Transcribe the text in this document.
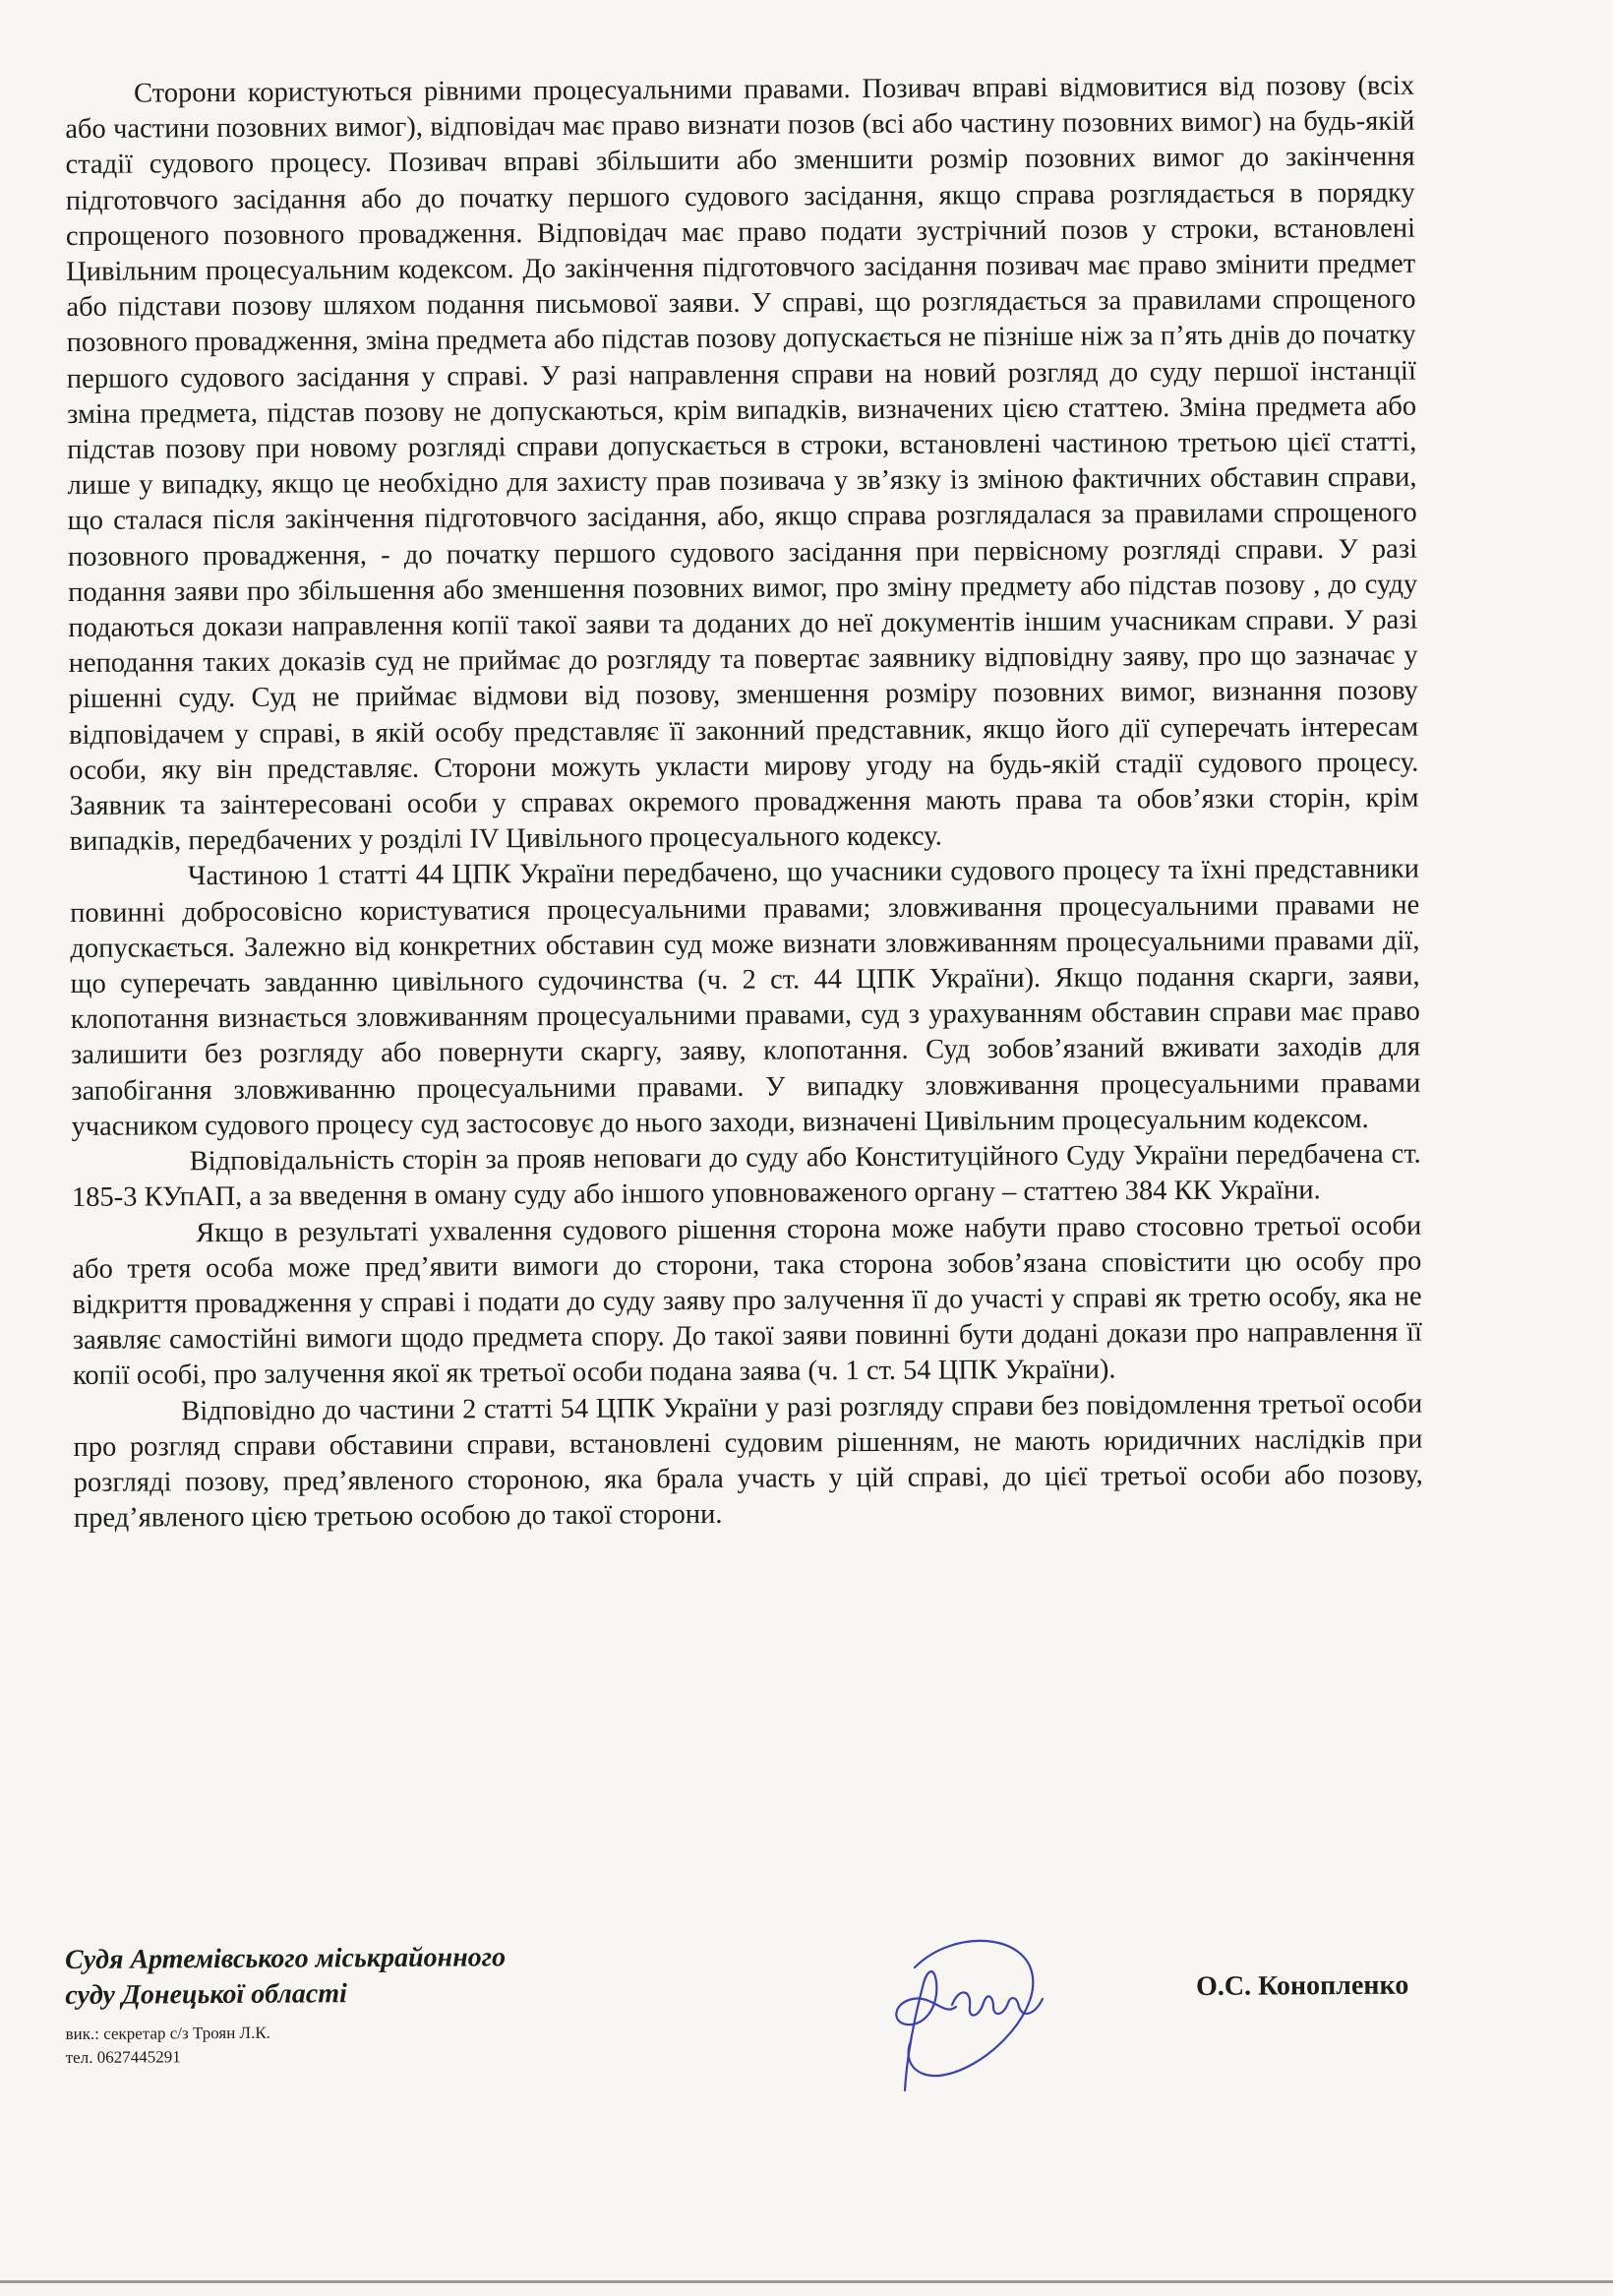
Сторони користуються рівними процесуальними правами. Позивач вправі відмовитися від позову (всіх або частини позовних вимог), відповідач має право визнати позов (всі або частину позовних вимог) на будь-якій стадії судового процесу. Позивач вправі збільшити або зменшити розмір позовних вимог до закінчення підготовчого засідання або до початку першого судового засідання, якщо справа розглядається в порядку спрощеного позовного провадження. Відповідач має право подати зустрічний позов у строки, встановлені Цивільним процесуальним кодексом. До закінчення підготовчого засідання позивач має право змінити предмет або підстави позову шляхом подання письмової заяви. У справі, що розглядається за правилами спрощеного позовного провадження, зміна предмета або підстав позову допускається не пізніше ніж за п’ять днів до початку першого судового засідання у справі. У разі направлення справи на новий розгляд до суду першої інстанції зміна предмета, підстав позову не допускаються, крім випадків, визначених цією статтею. Зміна предмета або підстав позову при новому розгляді справи допускається в строки, встановлені частиною третьою цієї статті, лише у випадку, якщо це необхідно для захисту прав позивача у зв’язку із зміною фактичних обставин справи, що сталася після закінчення підготовчого засідання, або, якщо справа розглядалася за правилами спрощеного позовного провадження, - до початку першого судового засідання при первісному розгляді справи. У разі подання заяви про збільшення або зменшення позовних вимог, про зміну предмету або підстав позову , до суду подаються докази направлення копії такої заяви та доданих до неї документів іншим учасникам справи. У разі неподання таких доказів суд не приймає до розгляду та повертає заявнику відповідну заяву, про що зазначає у рішенні суду. Суд не приймає відмови від позову, зменшення розміру позовних вимог, визнання позову відповідачем у справі, в якій особу представляє її законний представник, якщо його дії суперечать інтересам особи, яку він представляє. Сторони можуть укласти мирову угоду на будь-якій стадії судового процесу. Заявник та заінтересовані особи у справах окремого провадження мають права та обов’язки сторін, крім випадків, передбачених у розділі IV Цивільного процесуального кодексу.

Частиною 1 статті 44 ЦПК України передбачено, що учасники судового процесу та їхні представники повинні добросовісно користуватися процесуальними правами; зловживання процесуальними правами не допускається. Залежно від конкретних обставин суд може визнати зловживанням процесуальними правами дії, що суперечать завданню цивільного судочинства (ч. 2 ст. 44 ЦПК України). Якщо подання скарги, заяви, клопотання визнається зловживанням процесуальними правами, суд з урахуванням обставин справи має право залишити без розгляду або повернути скаргу, заяву, клопотання. Суд зобов’язаний вживати заходів для запобігання зловживанню процесуальними правами. У випадку зловживання процесуальними правами учасником судового процесу суд застосовує до нього заходи, визначені Цивільним процесуальним кодексом.

Відповідальність сторін за прояв неповаги до суду або Конституційного Суду України передбачена ст. 185-3 КУпАП, а за введення в оману суду або іншого уповноваженого органу – статтею 384 КК України.

Якщо в результаті ухвалення судового рішення сторона може набути право стосовно третьої особи або третя особа може пред’явити вимоги до сторони, така сторона зобов’язана сповістити цю особу про відкриття провадження у справі і подати до суду заяву про залучення її до участі у справі як третю особу, яка не заявляє самостійні вимоги щодо предмета спору. До такої заяви повинні бути додані докази про направлення її копії особі, про залучення якої як третьої особи подана заява (ч. 1 ст. 54 ЦПК України).

Відповідно до частини 2 статті 54 ЦПК України у разі розгляду справи без повідомлення третьої особи про розгляд справи обставини справи, встановлені судовим рішенням, не мають юридичних наслідків при розгляді позову, пред’явленого стороною, яка брала участь у цій справі, до цієї третьої особи або позову, пред’явленого цією третьою особою до такої сторони.

Судя Артемівського міськрайонного
суду Донецької області	О.С. Конопленко
вик.: секретар с/з Троян Л.К.
тел. 0627445291
